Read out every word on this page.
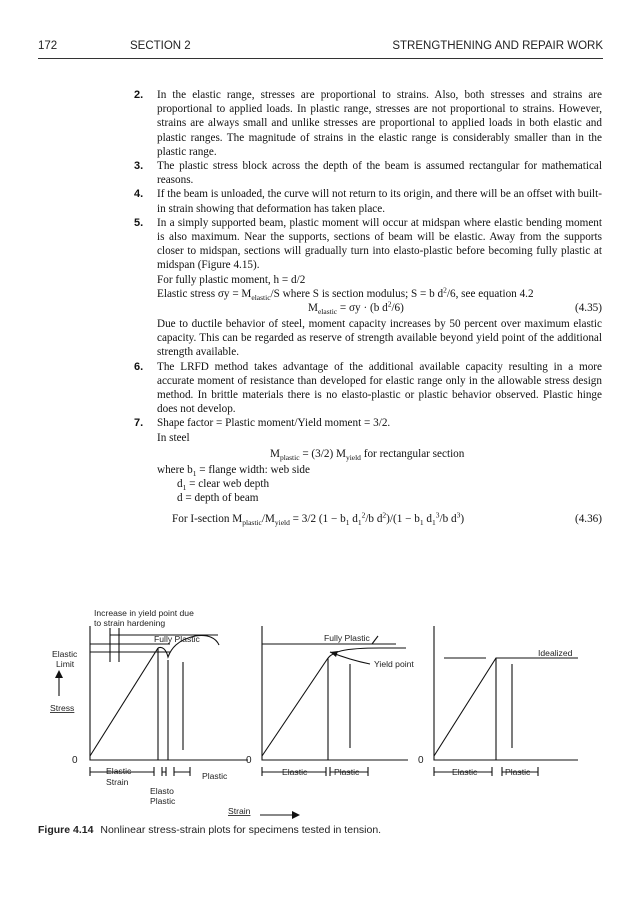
172	SECTION 2	STRENGTHENING AND REPAIR WORK

2. In the elastic range, stresses are proportional to strains. Also, both stresses and strains are proportional to applied loads. In plastic range, stresses are not proportional to strains. However, strains are always small and unlike stresses are proportional to applied loads in both elastic and plastic ranges. The magnitude of strains in the elastic range is considerably smaller than in the plastic range.

3. The plastic stress block across the depth of the beam is assumed rectangular for mathematical reasons.

4. If the beam is unloaded, the curve will not return to its origin, and there will be an offset with built-in strain showing that deformation has taken place.

5. In a simply supported beam, plastic moment will occur at midspan where elastic bending moment is also maximum. Near the supports, sections of beam will be elastic. Away from the supports closer to midspan, sections will gradually turn into elasto-plastic before becoming fully plastic at midspan (Figure 4.15).

For fully plastic moment, h = d/2

Elastic stress $\sigma y = M_{elastic}/S$ where S is section modulus; S = b $d^2/6$, see equation 4.2

$M_{elastic} = \sigma y \cdot (b$ $d^2/6$)	(4.35)

Due to ductile behavior of steel, moment capacity increases by 50 percent over maximum elastic capacity. This can be regarded as reserve of strength available beyond yield point of the additional strength available.

6. The LRFD method takes advantage of the additional available capacity resulting in a more accurate moment of resistance than developed for elastic range only in the allowable stress design method. In brittle materials there is no elasto-plastic or plastic behavior observed. Plastic hinge does not develop.

7. Shape factor = Plastic moment/Yield moment = 3/2.

In steel

$M_{plastic} = (3/2)$ $M_{yield}$ for rectangular section

where $b_1$ = flange width: web side

$d_1$ = clear web depth

d = depth of beam

For I-section $M_{plastic}/M_{yield} = 3/2$ ($1 - b_1$ $d_1^2/b$ $d^2)/(1 - b_1$ $d_1^3/b$ $d^3$)	(4.36)
Increase in yield point due
to strain hardening
Elastic
Limit
Stress
Fully Plastic
0
Elastic
Strain
Elasto
Plastic
Plastic
Fully Plastic
Yield point
0
Elastic	Plastic
Idealized
0
Elastic	Plastic
Strain
Figure 4.14 Nonlinear stress-strain plots for specimens tested in tension.
